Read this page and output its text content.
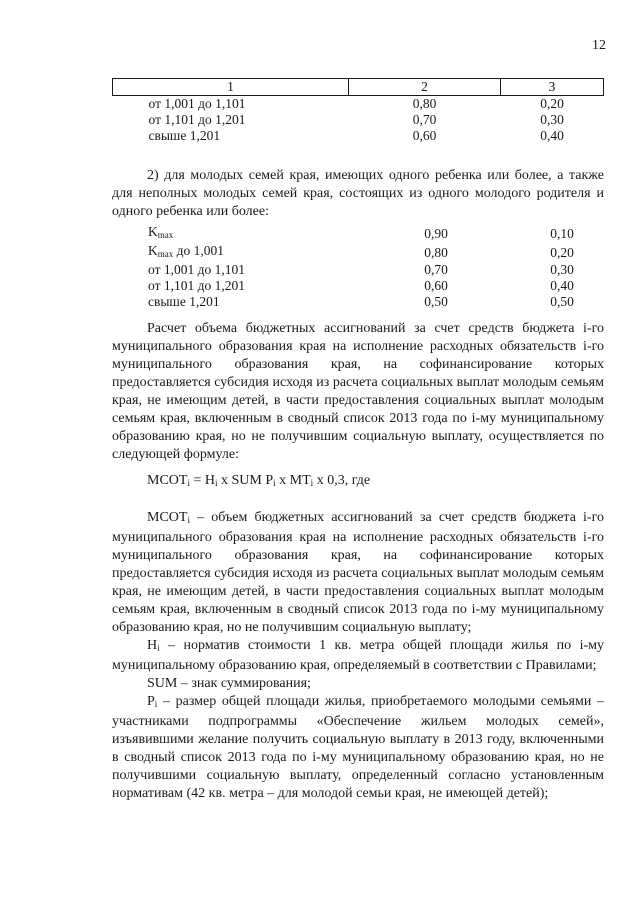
12
1	2	3
от 1,001 до 1,101	0,80	0,20
от 1,101 до 1,201	0,70	0,30
свыше 1,201	0,60	0,40

2) для молодых семей края, имеющих одного ребенка или более, а также для неполных молодых семей края, состоящих из одного молодого родителя и одного ребенка или более:

$K_{max}$	0,90	0,10
$K_{max}$ до 1,001	0,80	0,20
от 1,001 до 1,101	0,70	0,30
от 1,101 до 1,201	0,60	0,40
свыше 1,201	0,50	0,50

Расчет объема бюджетных ассигнований за счет средств бюджета i-го муниципального образования края на исполнение расходных обязательств i-го муниципального образования края, на софинансирование которых предоставляется субсидия исходя из расчета социальных выплат молодым семьям края, не имеющим детей, в части предоставления социальных выплат молодым семьям края, включенным в сводный список 2013 года по i-му муниципальному образованию края, но не получившим социальную выплату, осуществляется по следующей формуле:

$МСОТ_i = Н_i$ x SUM $P_i$ x $МТ_i$ x 0,3, где

$МСОТ_i$ – объем бюджетных ассигнований за счет средств бюджета i-го муниципального образования края на исполнение расходных обязательств i-го муниципального образования края, на софинансирование которых предоставляется субсидия исходя из расчета социальных выплат молодым семьям края, не имеющим детей, в части предоставления социальных выплат молодым семьям края, включенным в сводный список 2013 года по i-му муниципальному образованию края, но не получившим социальную выплату;

$Н_i$ – норматив стоимости 1 кв. метра общей площади жилья по i-му муниципальному образованию края, определяемый в соответствии с Правилами;

SUM – знак суммирования;

$P_i$ – размер общей площади жилья, приобретаемого молодыми семьями – участниками подпрограммы «Обеспечение жильем молодых семей», изъявившими желание получить социальную выплату в 2013 году, включенными в сводный список 2013 года по i-му муниципальному образованию края, но не получившими социальную выплату, определенный согласно установленным нормативам (42 кв. метра – для молодой семьи края, не имеющей детей);
